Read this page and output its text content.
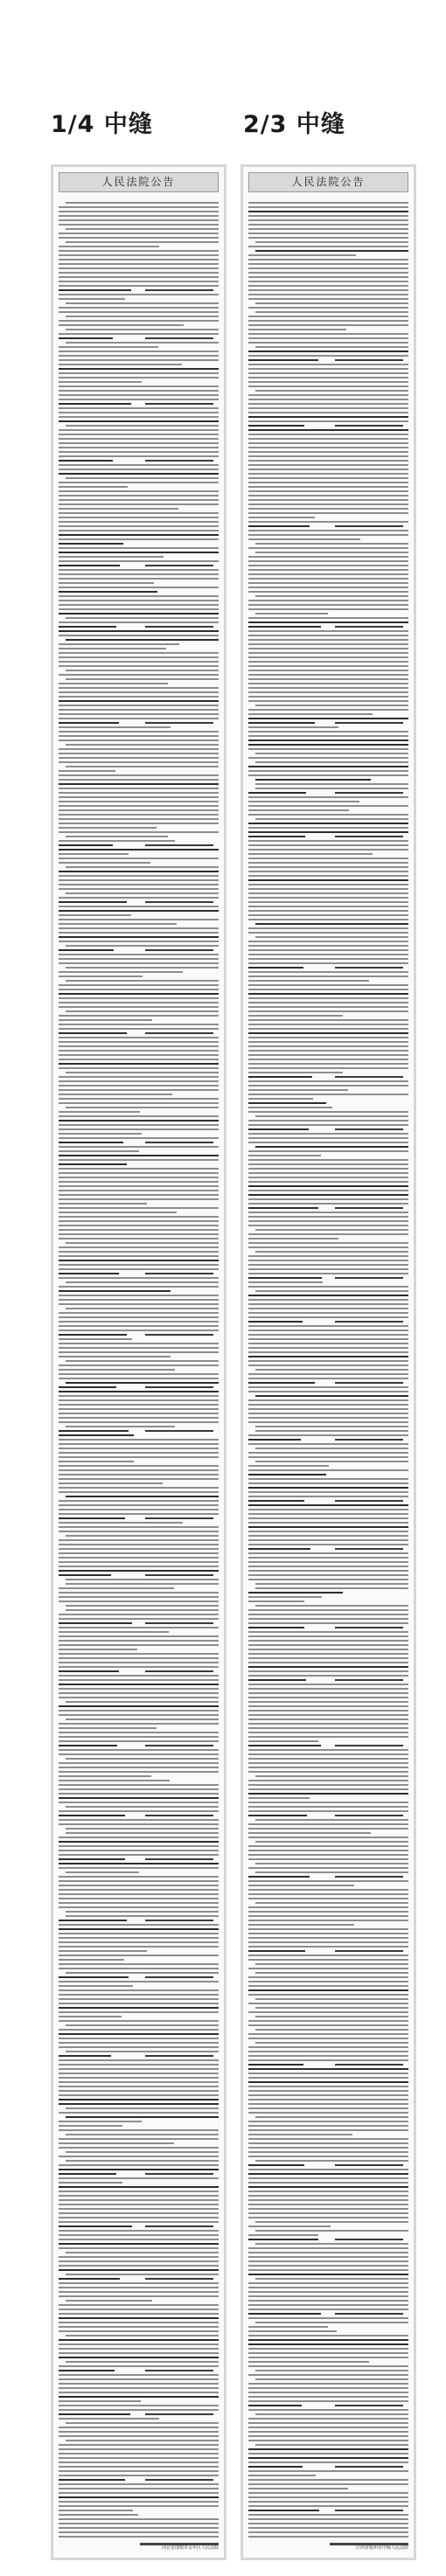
1/4 中缝	2/3 中缝
人民法院公告
河北省邯郸市永年区人民法院
人民法院公告
江西省赣州市中级人民法院
